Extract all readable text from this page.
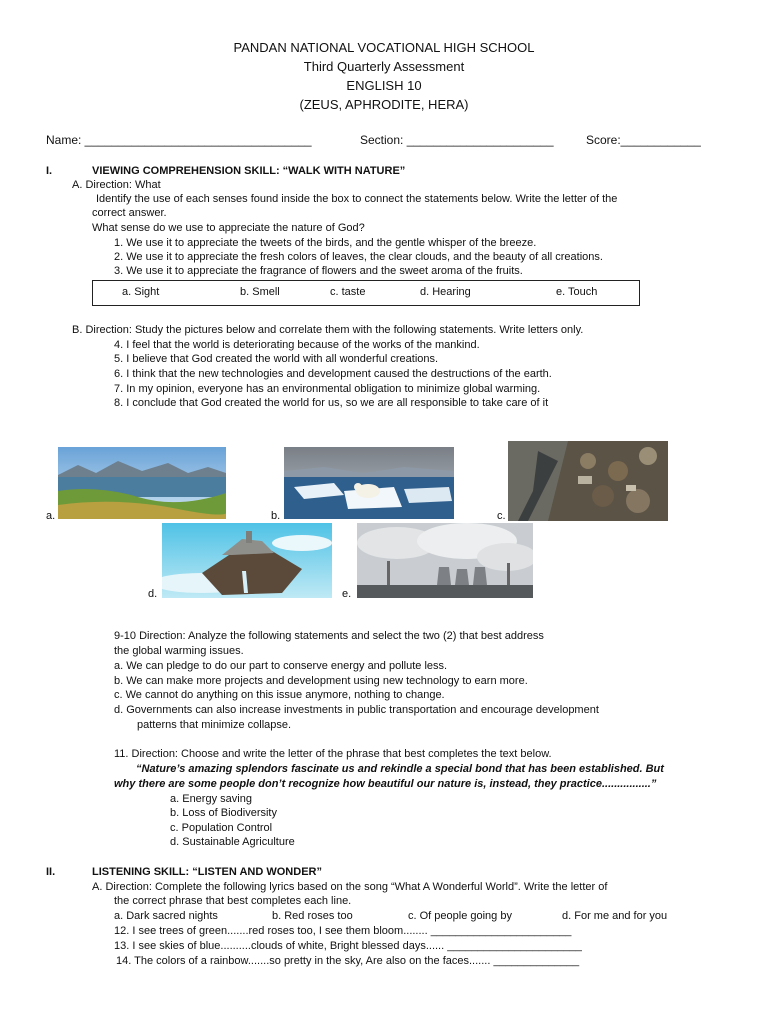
PANDAN NATIONAL VOCATIONAL HIGH SCHOOL
Third Quarterly Assessment
ENGLISH 10
(ZEUS, APHRODITE, HERA)
Name: __________________________________	Section: ______________________	Score:____________
I.	VIEWING COMPREHENSION SKILL: “WALK WITH NATURE”
A. Direction: What
Identify the use of each senses found inside the box to connect the statements below. Write the letter of the
correct answer.
What sense do we use to appreciate the nature of God?
1. We use it to appreciate the tweets of the birds, and the gentle whisper of the breeze.
2. We use it to appreciate the fresh colors of leaves, the clear clouds, and the beauty of all creations.
3. We use it to appreciate the fragrance of flowers and the sweet aroma of the fruits.
a. Sight	b. Smell	c. taste	d. Hearing	e. Touch
B. Direction: Study the pictures below and correlate them with the following statements. Write letters only.
4. I feel that the world is deteriorating because of the works of the mankind.
5. I believe that God created the world with all wonderful creations.
6. I think that the new technologies and development caused the destructions of the earth.
7. In my opinion, everyone has an environmental obligation to minimize global warming.
8. I conclude that God created the world for us, so we are all responsible to take care of it
a.	b.	c.
d.	e.
9-10 Direction: Analyze the following statements and select the two (2) that best address
the global warming issues.
a. We can pledge to do our part to conserve energy and pollute less.
b. We can make more projects and development using new technology to earn more.
c. We cannot do anything on this issue anymore, nothing to change.
d. Governments can also increase investments in public transportation and encourage development
patterns that minimize collapse.
11. Direction: Choose and write the letter of the phrase that best completes the text below.
“Nature’s amazing splendors fascinate us and rekindle a special bond that has been established. But
why there are some people don’t recognize how beautiful our nature is, instead, they practice................”
a. Energy saving
b. Loss of Biodiversity
c. Population Control
d. Sustainable Agriculture
II.	LISTENING SKILL: “LISTEN AND WONDER”
A. Direction: Complete the following lyrics based on the song “What A Wonderful World”. Write the letter of
the correct phrase that best completes each line.
a. Dark sacred nights	b. Red roses too	c. Of people going by	d. For me and for you
12. I see trees of green.......red roses too, I see them bloom........ _______________________
13. I see skies of blue..........clouds of white, Bright blessed days...... ______________________
14. The colors of a rainbow.......so pretty in the sky, Are also on the faces....... ______________
